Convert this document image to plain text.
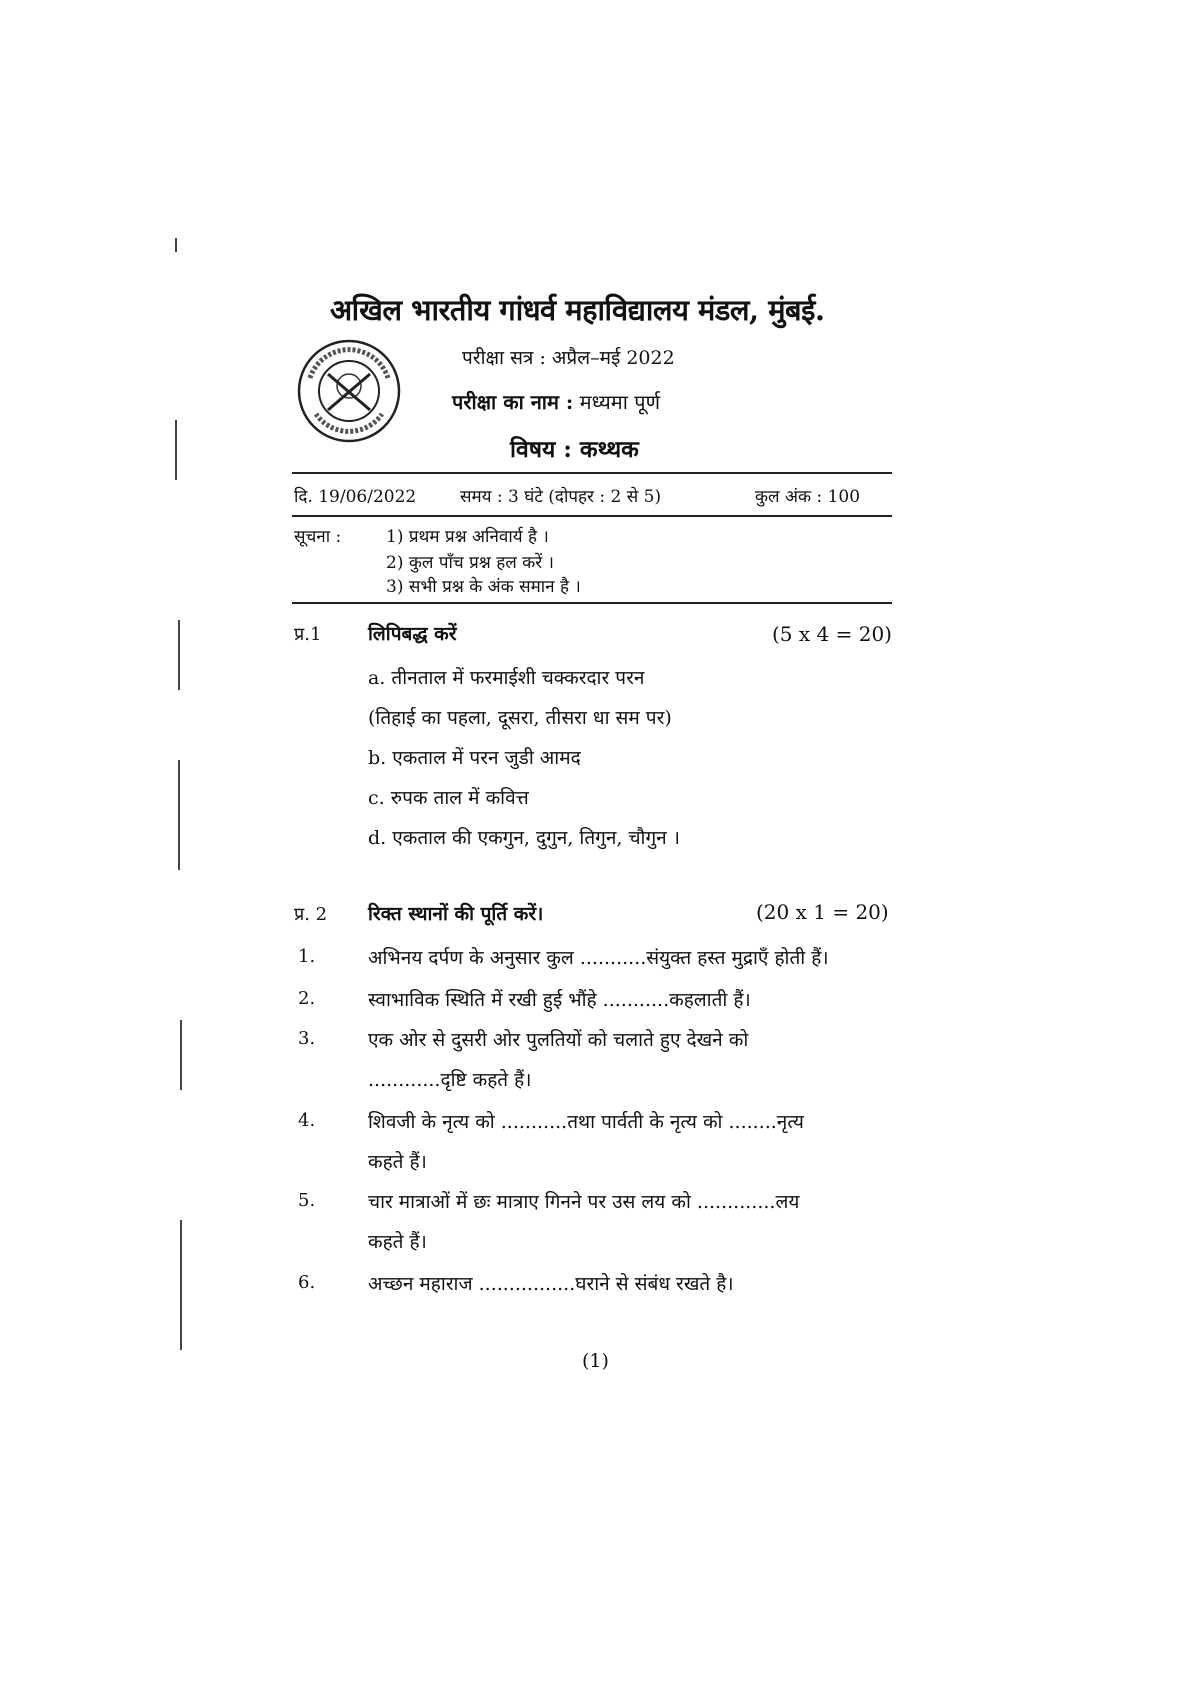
अखिल भारतीय गांधर्व महाविद्यालय मंडल, मुंबई.
परीक्षा सत्र : अप्रैल–मई 2022
परीक्षा का नाम : मध्यमा पूर्ण
विषय : कथ्थक
दि. 19/06/2022	समय : 3 घंटे (दोपहर : 2 से 5)	कुल अंक : 100
सूचना :	1) प्रथम प्रश्न अनिवार्य है ।
2) कुल पाँच प्रश्न हल करें ।
3) सभी प्रश्न के अंक समान है ।
प्र.1 लिपिबद्ध करें	(5 x 4 = 20)
a. तीनताल में फरमाईशी चक्करदार परन
(तिहाई का पहला, दूसरा, तीसरा धा सम पर)
b. एकताल में परन जुडी आमद
c. रुपक ताल में कवित्त
d. एकताल की एकगुन, दुगुन, तिगुन, चौगुन ।
प्र. 2 रिक्त स्थानों की पूर्ति करें।	(20 x 1 = 20)
1.	अभिनय दर्पण के अनुसार कुल ...........संयुक्त हस्त मुद्राएँ होती हैं।
2.	स्वाभाविक स्थिति में रखी हुई भौंहे ...........कहलाती हैं।
3.	एक ओर से दुसरी ओर पुलतियों को चलाते हुए देखने को
............दृष्टि कहते हैं।
4.	शिवजी के नृत्य को ...........तथा पार्वती के नृत्य को ........नृत्य
कहते हैं।
5.	चार मात्राओं में छः मात्राए गिनने पर उस लय को .............लय
कहते हैं।
6.	अच्छन महाराज ................घराने से संबंध रखते है।
(1)
